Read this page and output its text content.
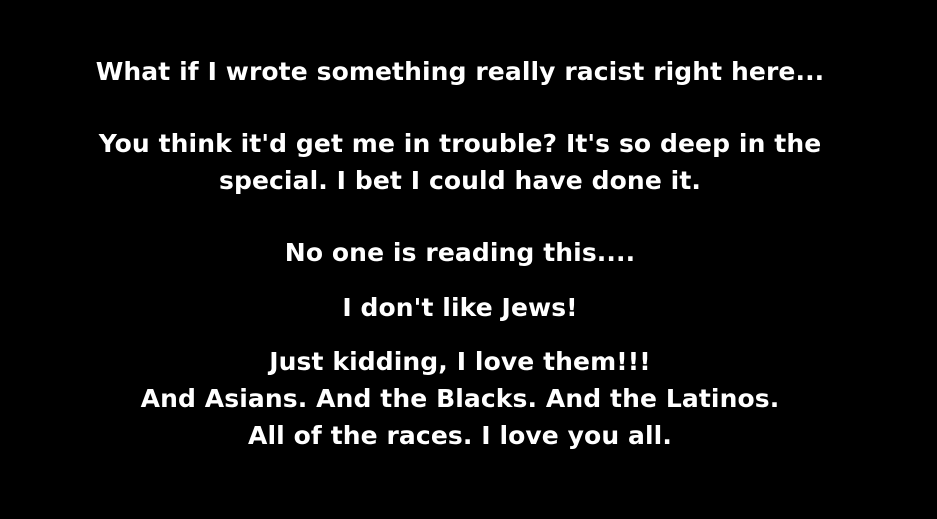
What if I wrote something really racist right here...
You think it'd get me in trouble? It's so deep in the
special. I bet I could have done it.
No one is reading this....
I don't like Jews!
Just kidding, I love them!!!
And Asians. And the Blacks. And the Latinos.
All of the races. I love you all.
